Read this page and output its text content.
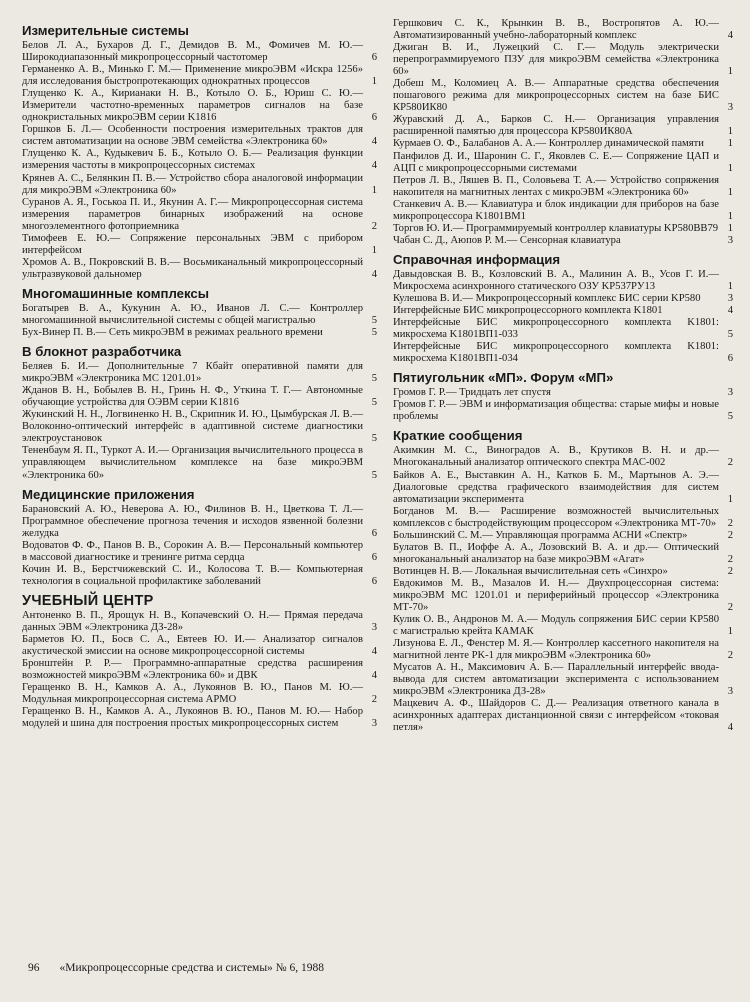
Измерительные системы
Белов Л. А., Бухаров Д. Г., Демидов В. М., Фомичев М. Ю.— Широкодиапазонный микропроцессорный частотомер	6
Германенко А. В., Минько Г. М.— Применение микроЭВМ «Искра 1256» для исследования быстропротекающих однократных процессов	1
Глущенко К. А., Кирианаки Н. В., Котыло О. Б., Юриш С. Ю.— Измерители частотно-временных параметров сигналов на базе однокристальных микроЭВМ серии K1816	6
Горшков Б. Л.— Особенности построения измерительных трактов для систем автоматизации на основе ЭВМ семейства «Электроника 60»	4
Глущенко К. А., Кудыкевич Б. Б., Котыло О. Б.— Реализация функции измерения частоты в микропроцессорных системах	4
Крянев А. С., Белянкин П. В.— Устройство сбора аналоговой информации для микроЭВМ «Электроника 60»	1
Суранов А. Я., Госькоа П. И., Якунин А. Г.— Микропроцессорная система измерения параметров бинарных изображений на основе многоэлементного фотоприемника	2
Тимофеев Е. Ю.— Сопряжение персональных ЭВМ с прибором интерфейсом	1
Хромов А. В., Покровский В. В.— Восьмиканальный микропроцессорный ультразвуковой дальномер	4
Многомашинные комплексы
Богатырев В. А., Кукунин А. Ю., Иванов Л. С.— Контроллер многомашинной вычислительной системы с общей магистралью	5
Бух-Винер П. В.— Сеть микроЭВМ в режимах реального времени	5
В блокнот разработчика
Беляев Б. И.— Дополнительные 7 Кбайт оперативной памяти для микроЭВМ «Электроника МС 1201.01»	5
Жданов В. Н., Бобылев В. Н., Гринь Н. Ф., Уткина Т. Г.— Автономные обучающие устройства для ОЭВМ серии K1816	5
Жукинский Н. Н., Логвиненко Н. В., Скрипник И. Ю., Цымбурская Л. В.— Волоконно-оптический интерфейс в адаптивной системе диагностики электроустановок	5
Тененбаум Я. П., Туркот А. И.— Организация вычислительного процесса в управляющем вычислительном комплексе на базе микроЭВМ «Электроника 60»	5
Медицинские приложения
Барановский А. Ю., Неверова А. Ю., Филинов В. Н., Цветкова Т. Л.— Программное обеспечение прогноза течения и исходов язвенной болезни желудка	6
Водоватов Ф. Ф., Панов В. В., Сорокин А. В.— Персональный компьютер в массовой диагностике и тренинге ритма сердца	6
Кочин И. В., Берстчижевский С. И., Колосова Т. В.— Компьютерная технология в социальной профилактике заболеваний	6
УЧЕБНЫЙ ЦЕНТР
Антоненко В. П., Ярощук Н. В., Копачевский О. Н.— Прямая передача данных ЭВМ «Электроника ДЗ-28»	3
Барметов Ю. П., Босв С. А., Евтеев Ю. И.— Анализатор сигналов акустической эмиссии на основе микропроцессорной системы	4
Бронштейн Р. Р.— Программно-аппаратные средства расширения возможностей микроЭВМ «Электроника 60» и ДВК	4
Геращенко В. Н., Камков А. А., Лукоянов В. Ю., Панов М. Ю.— Модульная микропроцессорная система АРМО	2
Геращенко В. Н., Камков А. А., Лукоянов В. Ю., Панов М. Ю.— Набор модулей и шина для построения простых микропроцессорных систем	3
Гершкович С. К., Крынкин В. В., Востропятов А. Ю.— Автоматизированный учебно-лабораторный комплекс	4
Джиган В. И., Лужецкий С. Г.— Модуль электрически перепрограммируемого ПЗУ для микроЭВМ семейства «Электроника 60»	1
Добеш М., Коломиец А. В.— Аппаратные средства обеспечения пошагового режима для микропроцессорных систем на базе БИС КР580ИК80	3
Журавский Д. А., Барков С. Н.— Организация управления расширенной памятью для процессора КР580ИК80А	1
Курмаев О. Ф., Балабанов А. А.— Контроллер динамической памяти	1
Панфилов Д. И., Шаронин С. Г., Яковлев С. Е.— Сопряжение ЦАП и АЦП с микропроцессорными системами	1
Петров Л. В., Ляшев В. П., Соловьева Т. А.— Устройство сопряжения накопителя на магнитных лентах с микроЭВМ «Электроника 60»	1
Станкевич А. В.— Клавиатура и блок индикации для приборов на базе микропроцессора K1801BM1	1
Торгов Ю. И.— Программируемый контроллер клавиатуры KP580BB79 1
Чабан С. Д., Аюпов Р. М.— Сенсорная клавиатура	3
Справочная информация
Давыдовская В. В., Козловский В. А., Малинин А. В., Усов Г. И.— Микросхема асинхронного статического ОЗУ KP537PУ13	1
Кулешова В. И.— Микропроцессорный комплекс БИС серии KP580	3
Интерфейсные БИС микропроцессорного комплекта K1801	4
Интерфейсные БИС микропроцессорного комплекта K1801: микросхема K1801BП1-033	5
Интерфейсные БИС микропроцессорного комплекта K1801: микросхема K1801BП1-034	6
Пятиугольник «МП». Форум «МП»
Громов Г. Р.— Тридцать лет спустя	3
Громов Г. Р.— ЭВМ и информатизация общества: старые мифы и новые проблемы	5
Краткие сообщения
Акимкин М. С., Виноградов А. В., Крутиков В. Н. и др.— Многоканальный анализатор оптического спектра МАС-002	2
Байков А. Е., Выставкин А. Н., Катков Б. М., Мартынов А. Э.— Диалоговые средства графического взаимодействия для систем автоматизации эксперимента	1
Богданов М. В.— Расширение возможностей вычислительных комплексов с быстродействующим процессором «Электроника МТ-70»	2
Большинский С. М.— Управляющая программа АСНИ «Спектр»	2
Булатов В. П., Иоффе А. А., Лозовский В. А. и др.— Оптический многоканальный анализатор на базе микроЭВМ «Агат»	2
Вотинцев Н. В.— Локальная вычислительная сеть «Синхро»	2
Евдокимов М. В., Мазалов И. Н.— Двухпроцессорная система: микроЭВМ МС 1201.01 и периферийный процессор «Электроника МТ-70»	2
Кулик О. В., Андронов М. А.— Модуль сопряжения БИС серии KP580 с магистралью крейта КАМАК	1
Лизунова Е. Л., Фенстер М. Я.— Контроллер кассетного накопителя на магнитной ленте PK-1 для микроЭВМ «Электроника 60»	2
Мусатов А. Н., Максимович А. Б.— Параллельный интерфейс ввода-вывода для систем автоматизации эксперимента с использованием микроЭВМ «Электроника ДЗ-28»	3
Мацкевич А. Ф., Шайдоров С. Д.— Реализация ответного канала в асинхронных адаптерах дистанционной связи с интерфейсом «токовая петля»	4
96 «Микропроцессорные средства и системы» № 6, 1988
